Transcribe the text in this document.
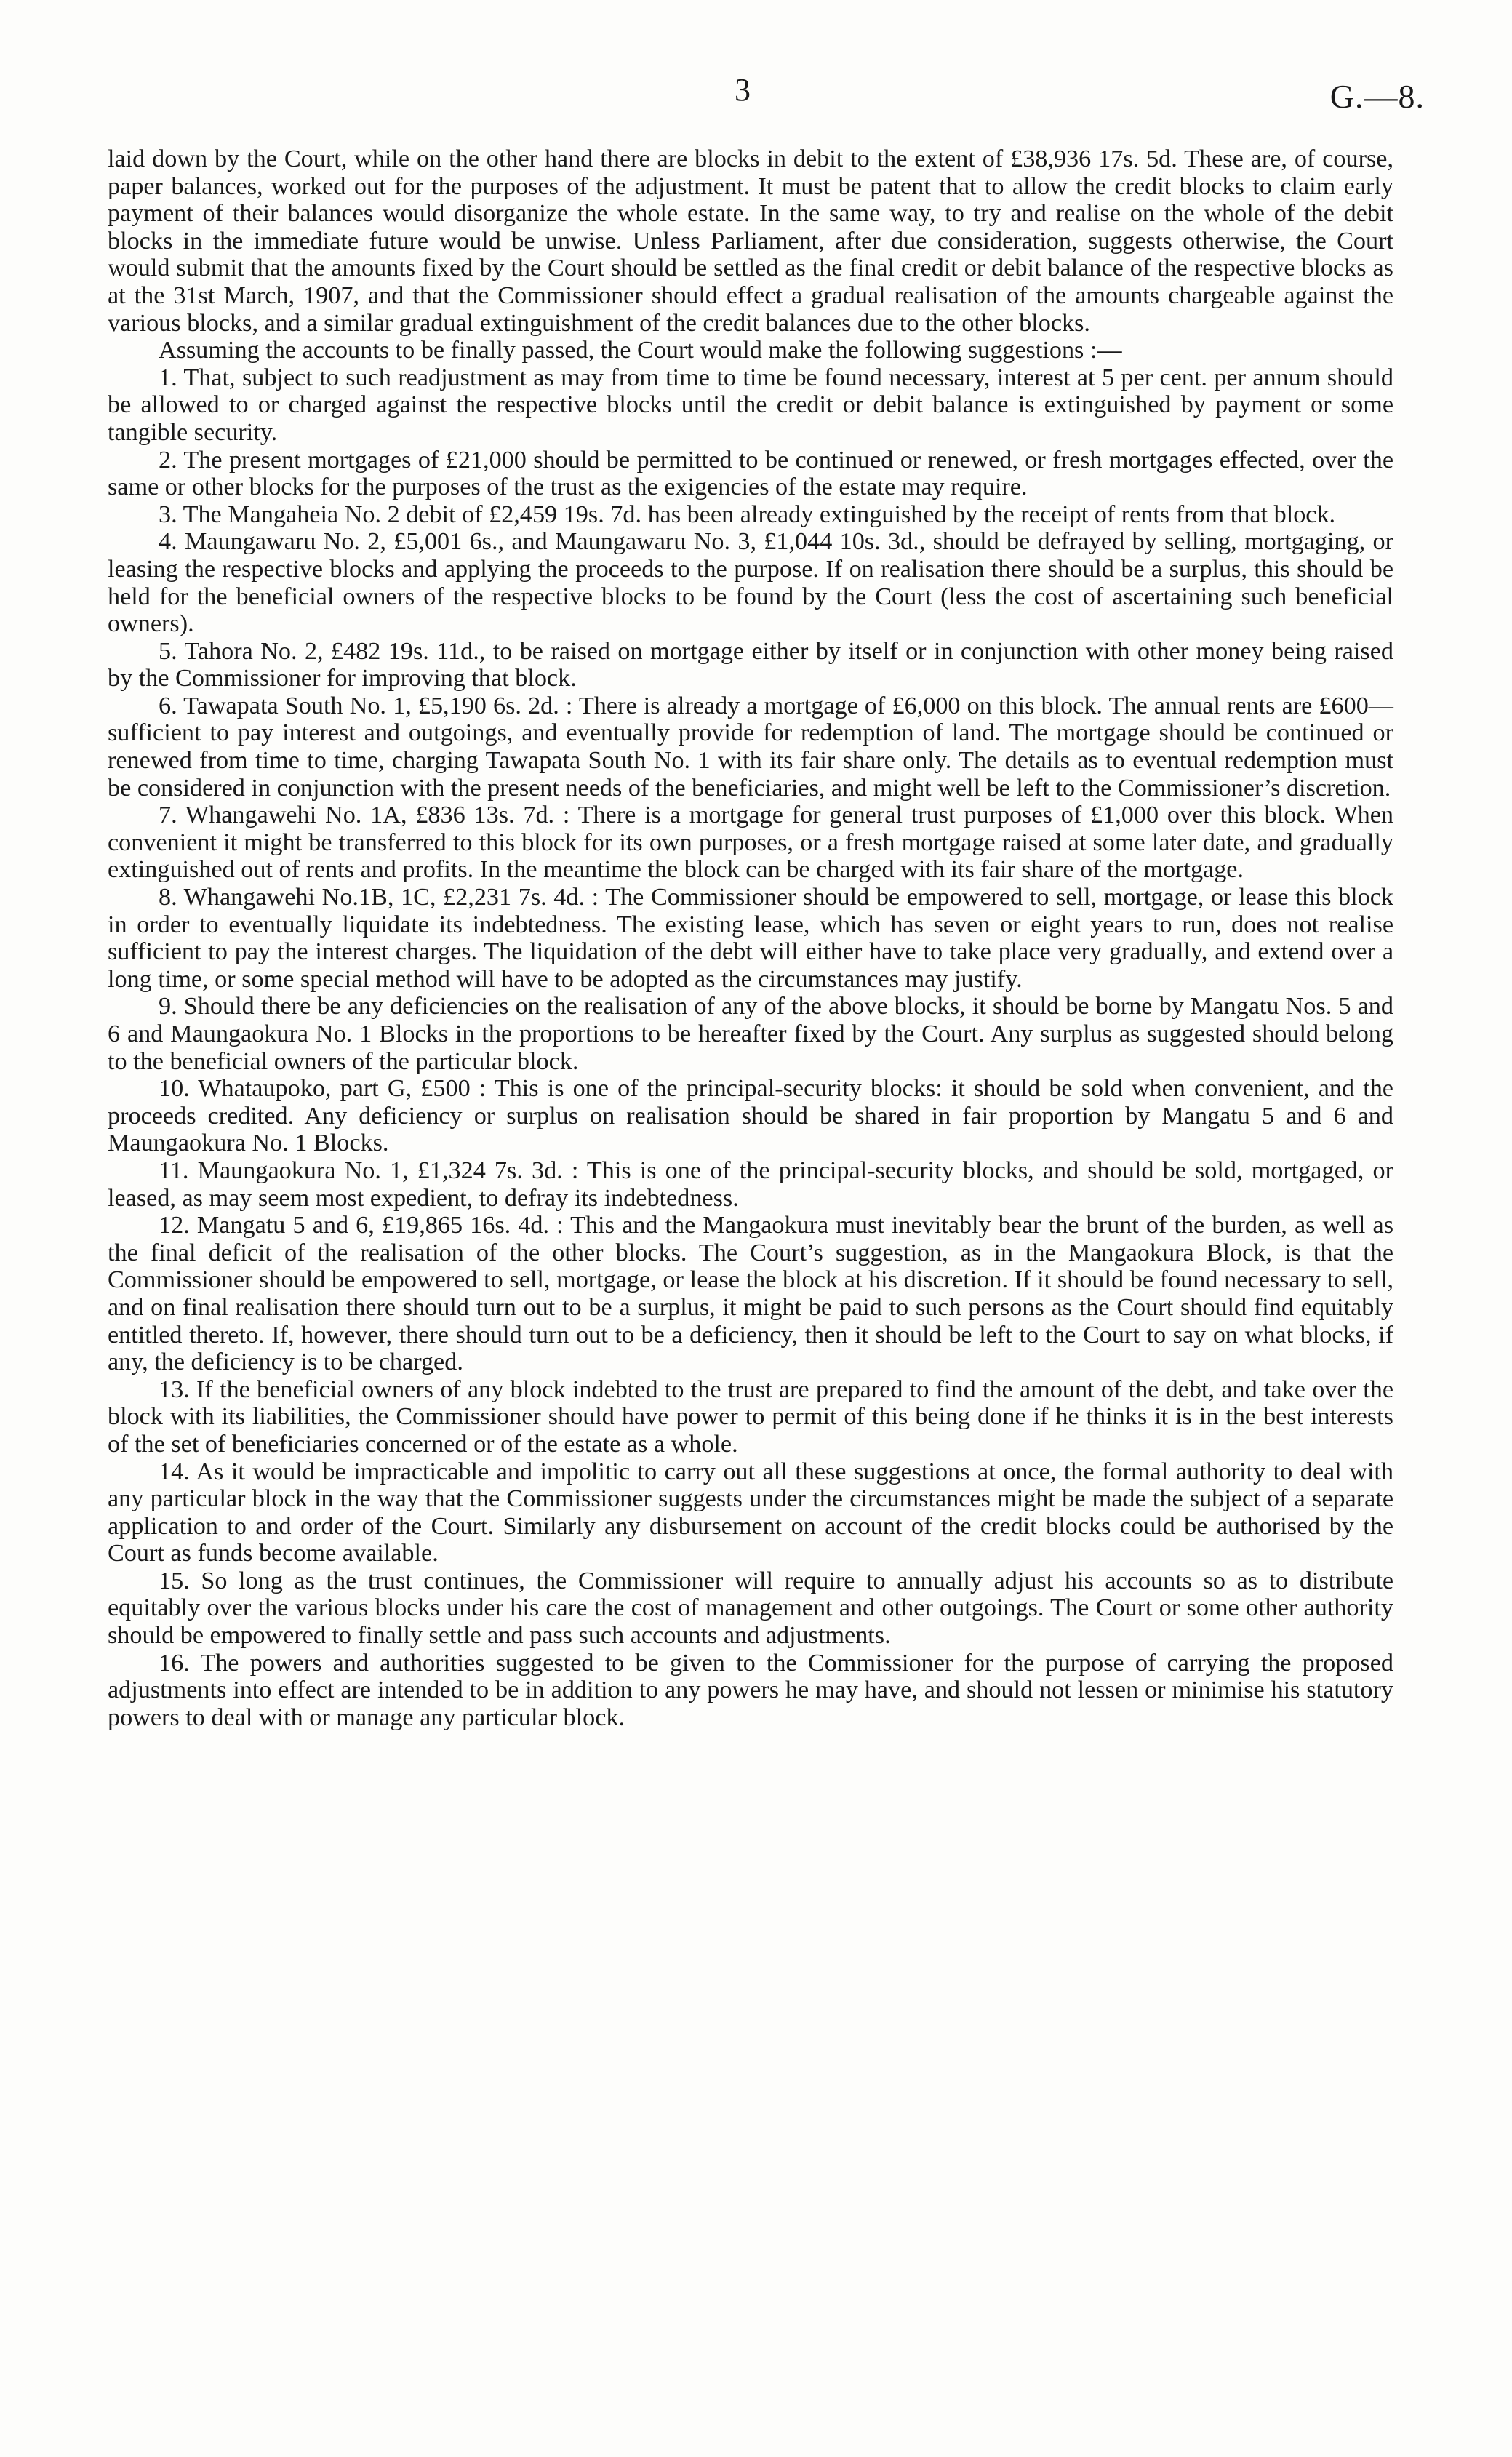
3	G.—8.

laid down by the Court, while on the other hand there are blocks in debit to the extent of £38,936 17s. 5d. These are, of course, paper balances, worked out for the purposes of the adjustment. It must be patent that to allow the credit blocks to claim early payment of their balances would disorganize the whole estate. In the same way, to try and realise on the whole of the debit blocks in the immediate future would be unwise. Unless Parliament, after due consideration, suggests otherwise, the Court would submit that the amounts fixed by the Court should be settled as the final credit or debit balance of the respective blocks as at the 31st March, 1907, and that the Commissioner should effect a gradual realisation of the amounts chargeable against the various blocks, and a similar gradual extinguishment of the credit balances due to the other blocks.

Assuming the accounts to be finally passed, the Court would make the following suggestions :—

1. That, subject to such readjustment as may from time to time be found necessary, interest at 5 per cent. per annum should be allowed to or charged against the respective blocks until the credit or debit balance is extinguished by payment or some tangible security.

2. The present mortgages of £21,000 should be permitted to be continued or renewed, or fresh mortgages effected, over the same or other blocks for the purposes of the trust as the exigencies of the estate may require.

3. The Mangaheia No. 2 debit of £2,459 19s. 7d. has been already extinguished by the receipt of rents from that block.

4. Maungawaru No. 2, £5,001 6s., and Maungawaru No. 3, £1,044 10s. 3d., should be defrayed by selling, mortgaging, or leasing the respective blocks and applying the proceeds to the purpose. If on realisation there should be a surplus, this should be held for the beneficial owners of the respective blocks to be found by the Court (less the cost of ascertaining such beneficial owners).

5. Tahora No. 2, £482 19s. 11d., to be raised on mortgage either by itself or in conjunction with other money being raised by the Commissioner for improving that block.

6. Tawapata South No. 1, £5,190 6s. 2d. : There is already a mortgage of £6,000 on this block. The annual rents are £600—sufficient to pay interest and outgoings, and eventually provide for redemption of land. The mortgage should be continued or renewed from time to time, charging Tawapata South No. 1 with its fair share only. The details as to eventual redemption must be considered in conjunction with the present needs of the beneficiaries, and might well be left to the Commissioner’s discretion.

7. Whangawehi No. 1A, £836 13s. 7d. : There is a mortgage for general trust purposes of £1,000 over this block. When convenient it might be transferred to this block for its own purposes, or a fresh mortgage raised at some later date, and gradually extinguished out of rents and profits. In the meantime the block can be charged with its fair share of the mortgage.

8. Whangawehi No.1B, 1C, £2,231 7s. 4d. : The Commissioner should be empowered to sell, mortgage, or lease this block in order to eventually liquidate its indebtedness. The existing lease, which has seven or eight years to run, does not realise sufficient to pay the interest charges. The liquidation of the debt will either have to take place very gradually, and extend over a long time, or some special method will have to be adopted as the circumstances may justify.

9. Should there be any deficiencies on the realisation of any of the above blocks, it should be borne by Mangatu Nos. 5 and 6 and Maungaokura No. 1 Blocks in the proportions to be hereafter fixed by the Court. Any surplus as suggested should belong to the beneficial owners of the particular block.

10. Whataupoko, part G, £500 : This is one of the principal-security blocks: it should be sold when convenient, and the proceeds credited. Any deficiency or surplus on realisation should be shared in fair proportion by Mangatu 5 and 6 and Maungaokura No. 1 Blocks.

11. Maungaokura No. 1, £1,324 7s. 3d. : This is one of the principal-security blocks, and should be sold, mortgaged, or leased, as may seem most expedient, to defray its indebtedness.

12. Mangatu 5 and 6, £19,865 16s. 4d. : This and the Mangaokura must inevitably bear the brunt of the burden, as well as the final deficit of the realisation of the other blocks. The Court’s suggestion, as in the Mangaokura Block, is that the Commissioner should be empowered to sell, mortgage, or lease the block at his discretion. If it should be found necessary to sell, and on final realisation there should turn out to be a surplus, it might be paid to such persons as the Court should find equitably entitled thereto. If, however, there should turn out to be a deficiency, then it should be left to the Court to say on what blocks, if any, the deficiency is to be charged.

13. If the beneficial owners of any block indebted to the trust are prepared to find the amount of the debt, and take over the block with its liabilities, the Commissioner should have power to permit of this being done if he thinks it is in the best interests of the set of beneficiaries concerned or of the estate as a whole.

14. As it would be impracticable and impolitic to carry out all these suggestions at once, the formal authority to deal with any particular block in the way that the Commissioner suggests under the circumstances might be made the subject of a separate application to and order of the Court. Similarly any disbursement on account of the credit blocks could be authorised by the Court as funds become available.

15. So long as the trust continues, the Commissioner will require to annually adjust his accounts so as to distribute equitably over the various blocks under his care the cost of management and other outgoings. The Court or some other authority should be empowered to finally settle and pass such accounts and adjustments.

16. The powers and authorities suggested to be given to the Commissioner for the purpose of carrying the proposed adjustments into effect are intended to be in addition to any powers he may have, and should not lessen or minimise his statutory powers to deal with or manage any particular block.
